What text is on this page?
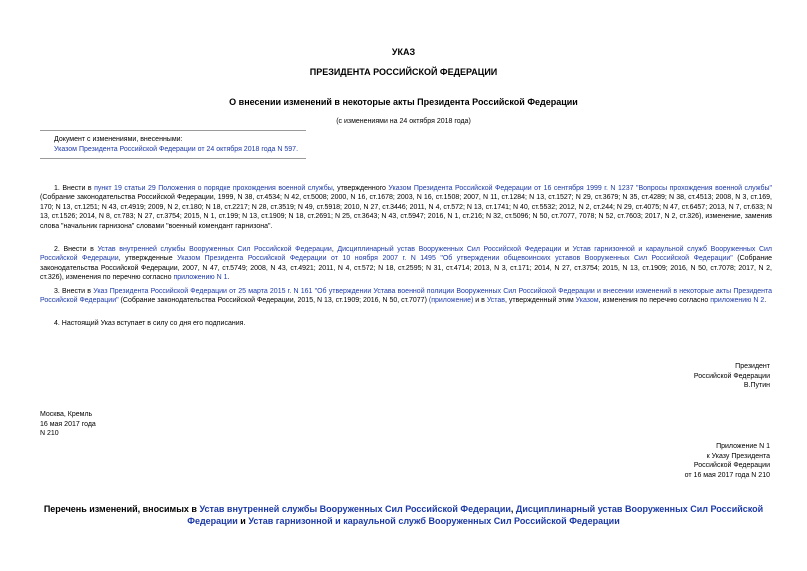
УКАЗ
ПРЕЗИДЕНТА РОССИЙСКОЙ ФЕДЕРАЦИИ
О внесении изменений в некоторые акты Президента Российской Федерации
(с изменениями на 24 октября 2018 года)
Документ с изменениями, внесенными:
Указом Президента Российской Федерации от 24 октября 2018 года N 597.
1. Внести в пункт 19 статьи 29 Положения о порядке прохождения военной службы, утвержденного Указом Президента Российской Федерации от 16 сентября 1999 г. N 1237 "Вопросы прохождения военной службы" (Собрание законодательства Российской Федерации, 1999, N 38, ст.4534; N 42, ст.5008; 2000, N 16, ст.1678; 2003, N 16, ст.1508; 2007, N 11, ст.1284; N 13, ст.1527; N 29, ст.3679; N 35, ст.4289; N 38, ст.4513; 2008, N 3, ст.169, 170; N 13, ст.1251; N 43, ст.4919; 2009, N 2, ст.180; N 18, ст.2217; N 28, ст.3519; N 49, ст.5918; 2010, N 27, ст.3446; 2011, N 4, ст.572; N 13, ст.1741; N 40, ст.5532; 2012, N 2, ст.244; N 29, ст.4075; N 47, ст.6457; 2013, N 7, ст.633; N 13, ст.1526; 2014, N 8, ст.783; N 27, ст.3754; 2015, N 1, ст.199; N 13, ст.1909; N 18, ст.2691; N 25, ст.3643; N 43, ст.5947; 2016, N 1, ст.216; N 32, ст.5096; N 50, ст.7077, 7078; N 52, ст.7603; 2017, N 2, ст.326), изменение, заменив слова "начальник гарнизона" словами "военный комендант гарнизона".
2. Внести в Устав внутренней службы Вооруженных Сил Российской Федерации, Дисциплинарный устав Вооруженных Сил Российской Федерации и Устав гарнизонной и караульной служб Вооруженных Сил Российской Федерации, утвержденные Указом Президента Российской Федерации от 10 ноября 2007 г. N 1495 "Об утверждении общевоинских уставов Вооруженных Сил Российской Федерации" (Собрание законодательства Российской Федерации, 2007, N 47, ст.5749; 2008, N 43, ст.4921; 2011, N 4, ст.572; N 18, ст.2595; N 31, ст.4714; 2013, N 3, ст.171; 2014, N 27, ст.3754; 2015, N 13, ст.1909; 2016, N 50, ст.7078; 2017, N 2, ст.326), изменения по перечню согласно приложению N 1.
3. Внести в Указ Президента Российской Федерации от 25 марта 2015 г. N 161 "Об утверждении Устава военной полиции Вооруженных Сил Российской Федерации и внесении изменений в некоторые акты Президента Российской Федерации" (Собрание законодательства Российской Федерации, 2015, N 13, ст.1909; 2016, N 50, ст.7077) (приложение) и в Устав, утвержденный этим Указом, изменения по перечню согласно приложению N 2.
4. Настоящий Указ вступает в силу со дня его подписания.
Президент
Российской Федерации
В.Путин
Москва, Кремль
16 мая 2017 года
N 210
Приложение N 1
к Указу Президента
Российской Федерации
от 16 мая 2017 года N 210
Перечень изменений, вносимых в Устав внутренней службы Вооруженных Сил Российской Федерации, Дисциплинарный устав Вооруженных Сил Российской Федерации и Устав гарнизонной и караульной служб Вооруженных Сил Российской Федерации
